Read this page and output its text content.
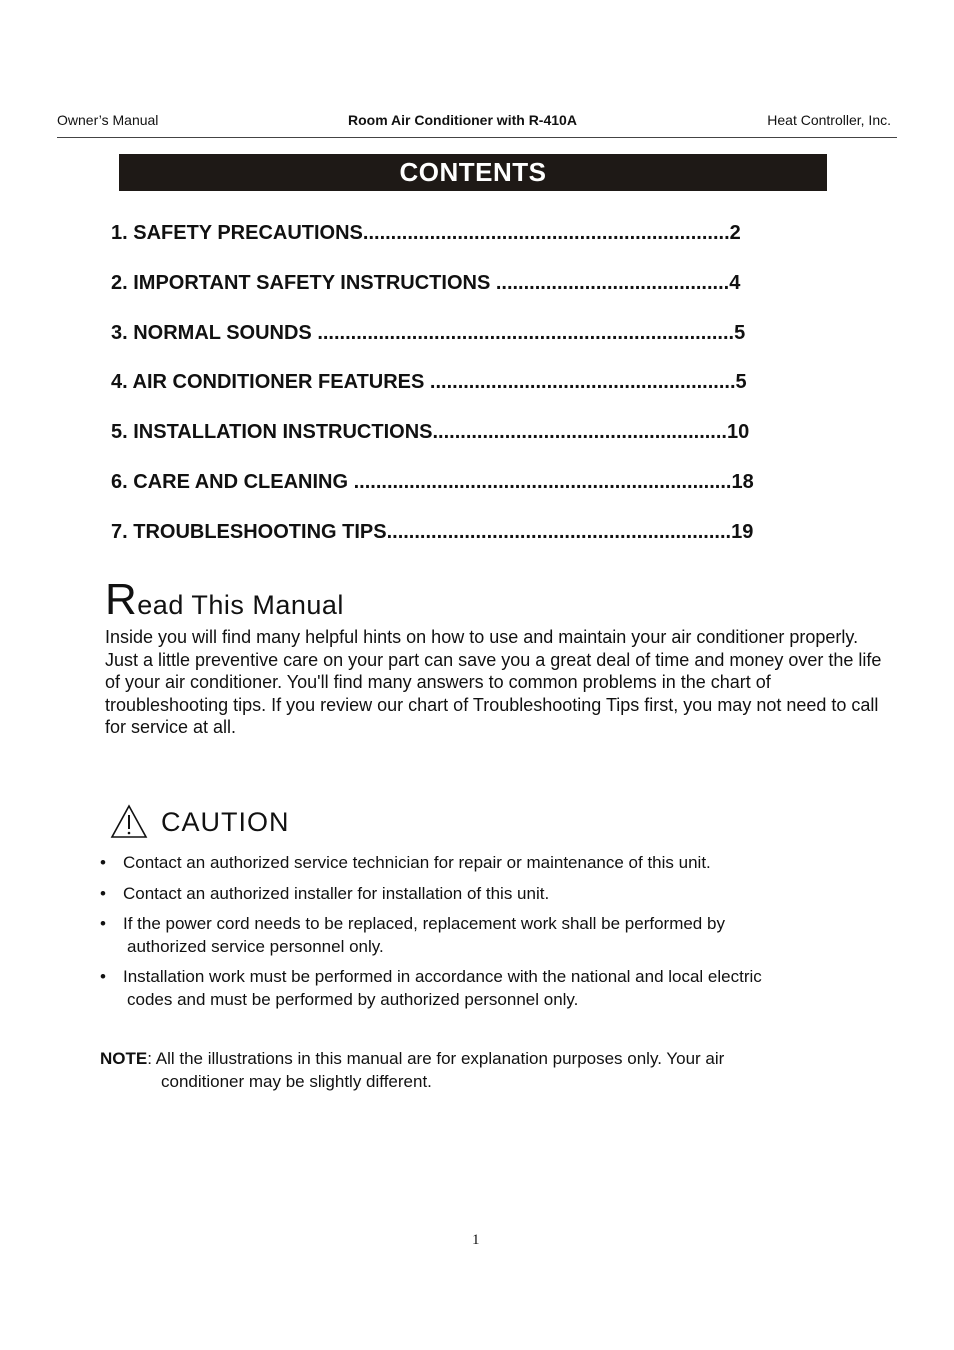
Owner’s Manual	Room Air Conditioner with R-410A	Heat Controller, Inc.
CONTENTS
1. SAFETY PRECAUTIONS..................................................................2
2. IMPORTANT SAFETY INSTRUCTIONS ..........................................4
3. NORMAL SOUNDS ...........................................................................5
4. AIR CONDITIONER FEATURES .......................................................5
5. INSTALLATION INSTRUCTIONS.....................................................10
6. CARE AND CLEANING ....................................................................18
7. TROUBLESHOOTING TIPS..............................................................19
Read This Manual

Inside you will find many helpful hints on how to use and maintain your air conditioner properly. Just a little preventive care on your part can save you a great deal of time and money over the life of your air conditioner. You'll find many answers to common problems in the chart of troubleshooting tips. If you review our chart of Troubleshooting Tips first, you may not need to call for service at all.

CAUTION
• Contact an authorized service technician for repair or maintenance of this unit.
• Contact an authorized installer for installation of this unit.
• If the power cord needs to be replaced, replacement work shall be performed by
authorized service personnel only.
• Installation work must be performed in accordance with the national and local electric
codes and must be performed by authorized personnel only.
NOTE: All the illustrations in this manual are for explanation purposes only. Your air
conditioner may be slightly different.
1
